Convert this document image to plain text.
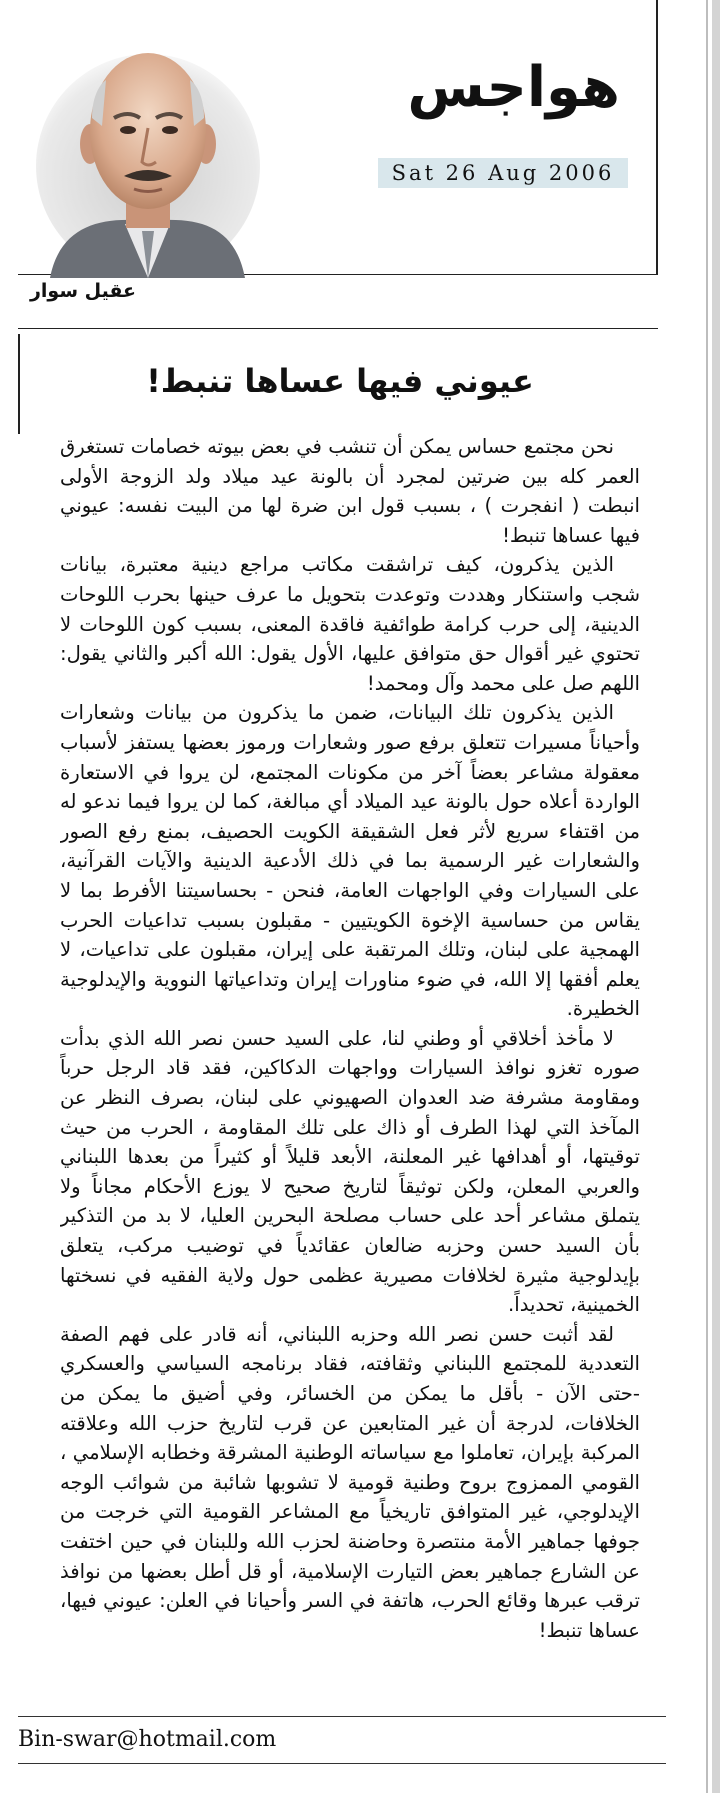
هواجس
Sat 26 Aug 2006
عقيل سوار
عيوني فيها عساها تنبط!

نحن مجتمع حساس يمكن أن تنشب في بعض بيوته خصامات تستغرق العمر كله بين ضرتين لمجرد أن بالونة عيد ميلاد ولد الزوجة الأولى انبطت ( انفجرت ) ، بسبب قول ابن ضرة لها من البيت نفسه: عيوني فيها عساها تنبط!

الذين يذكرون، كيف تراشقت مكاتب مراجع دينية معتبرة، بيانات شجب واستنكار وهددت وتوعدت بتحويل ما عرف حينها بحرب اللوحات الدينية، إلى حرب كرامة طوائفية فاقدة المعنى، بسبب كون اللوحات لا تحتوي غير أقوال حق متوافق عليها، الأول يقول: الله أكبر والثاني يقول: اللهم صل على محمد وآل ومحمد!

الذين يذكرون تلك البيانات، ضمن ما يذكرون من بيانات وشعارات وأحياناً مسيرات تتعلق برفع صور وشعارات ورموز بعضها يستفز لأسباب معقولة مشاعر بعضاً آخر من مكونات المجتمع، لن يروا في الاستعارة الواردة أعلاه حول بالونة عيد الميلاد أي مبالغة، كما لن يروا فيما ندعو له من اقتفاء سريع لأثر فعل الشقيقة الكويت الحصيف، بمنع رفع الصور والشعارات غير الرسمية بما في ذلك الأدعية الدينية والآيات القرآنية، على السيارات وفي الواجهات العامة، فنحن - بحساسيتنا الأفرط بما لا يقاس من حساسية الإخوة الكويتيين - مقبلون بسبب تداعيات الحرب الهمجية على لبنان، وتلك المرتقبة على إيران، مقبلون على تداعيات، لا يعلم أفقها إلا الله، في ضوء مناورات إيران وتداعياتها النووية والإيدلوجية الخطيرة.

لا مأخذ أخلاقي أو وطني لنا، على السيد حسن نصر الله الذي بدأت صوره تغزو نوافذ السيارات وواجهات الدكاكين، فقد قاد الرجل حرباً ومقاومة مشرفة ضد العدوان الصهيوني على لبنان، بصرف النظر عن المآخذ التي لهذا الطرف أو ذاك على تلك المقاومة ، الحرب من حيث توقيتها، أو أهدافها غير المعلنة، الأبعد قليلاً أو كثيراً من بعدها اللبناني والعربي المعلن، ولكن توثيقاً لتاريخ صحيح لا يوزع الأحكام مجاناً ولا يتملق مشاعر أحد على حساب مصلحة البحرين العليا، لا بد من التذكير بأن السيد حسن وحزبه ضالعان عقائدياً في توضيب مركب، يتعلق بإيدلوجية مثيرة لخلافات مصيرية عظمى حول ولاية الفقيه في نسختها الخمينية، تحديداً.

لقد أثبت حسن نصر الله وحزبه اللبناني، أنه قادر على فهم الصفة التعددية للمجتمع اللبناني وثقافته، فقاد برنامجه السياسي والعسكري -حتى الآن - بأقل ما يمكن من الخسائر، وفي أضيق ما يمكن من الخلافات، لدرجة أن غير المتابعين عن قرب لتاريخ حزب الله وعلاقته المركبة بإيران، تعاملوا مع سياساته الوطنية المشرقة وخطابه الإسلامي ، القومي الممزوج بروح وطنية قومية لا تشوبها شائبة من شوائب الوجه الإيدلوجي، غير المتوافق تاريخياً مع المشاعر القومية التي خرجت من جوفها جماهير الأمة منتصرة وحاضنة لحزب الله وللبنان في حين اختفت عن الشارع جماهير بعض التيارت الإسلامية، أو قل أطل بعضها من نوافذ ترقب عبرها وقائع الحرب، هاتفة في السر وأحيانا في العلن: عيوني فيها، عساها تنبط!

Bin-swar@hotmail.com
